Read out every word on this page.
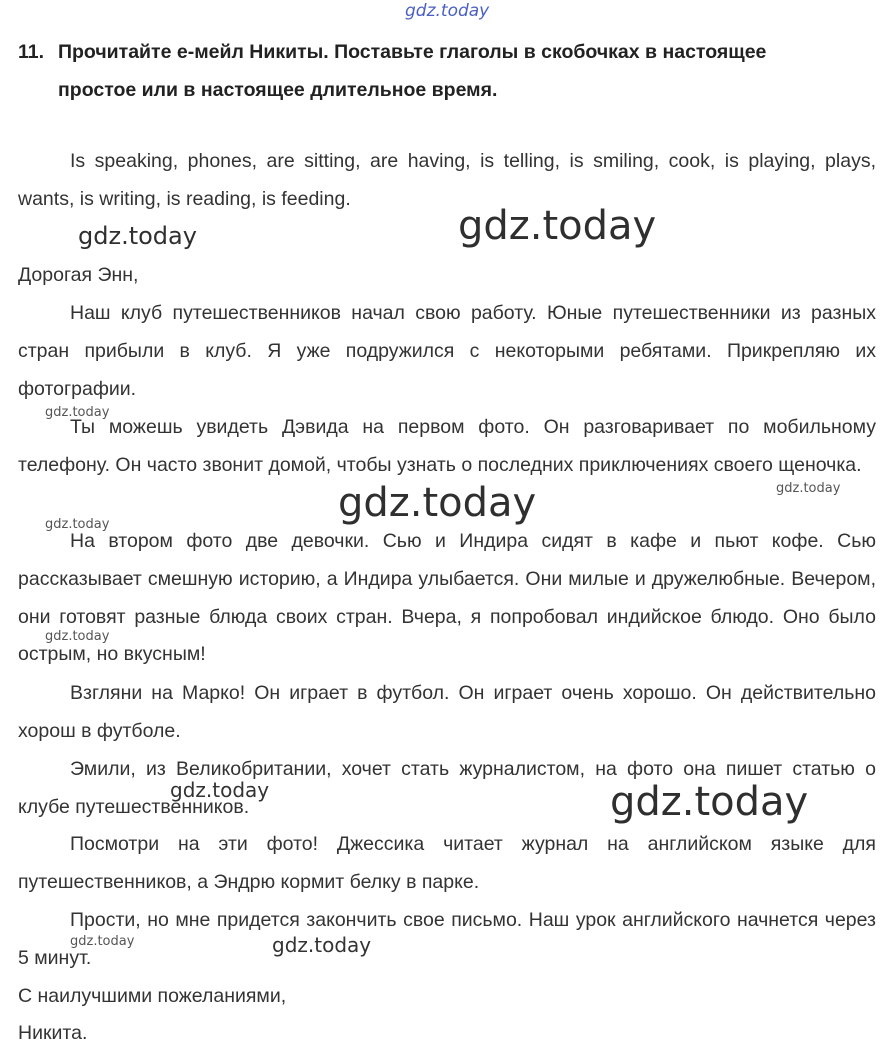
gdz.today
11. Прочитайте е-мейл Никиты. Поставьте глаголы в скобочках в настоящее
простое или в настоящее длительное время.

Is speaking, phones, are sitting, are having, is telling, is smiling, cook, is playing, plays, wants, is writing, is reading, is feeding.

Дорогая Энн,

Наш клуб путешественников начал свою работу. Юные путешественники из разных стран прибыли в клуб. Я уже подружился с некоторыми ребятами. Прикрепляю их фотографии.

Ты можешь увидеть Дэвида на первом фото. Он разговаривает по мобильному телефону. Он часто звонит домой, чтобы узнать о последних приключениях своего щеночка.

На втором фото две девочки. Сью и Индира сидят в кафе и пьют кофе. Сью рассказывает смешную историю, а Индира улыбается. Они милые и дружелюбные. Вечером, они готовят разные блюда своих стран. Вчера, я попробовал индийское блюдо. Оно было острым, но вкусным!

Взгляни на Марко! Он играет в футбол. Он играет очень хорошо. Он действительно хорош в футболе.

Эмили, из Великобритании, хочет стать журналистом, на фото она пишет статью о клубе путешественников.

Посмотри на эти фото! Джессика читает журнал на английском языке для путешественников, а Эндрю кормит белку в парке.

Прости, но мне придется закончить свое письмо. Наш урок английского начнется через 5 минут.

С наилучшими пожеланиями,

Никита.

gdz.today	gdz.today
gdz.today
gdz.today	gdz.today
gdz.today
gdz.today
gdz.today	gdz.today
gdz.today	gdz.today
